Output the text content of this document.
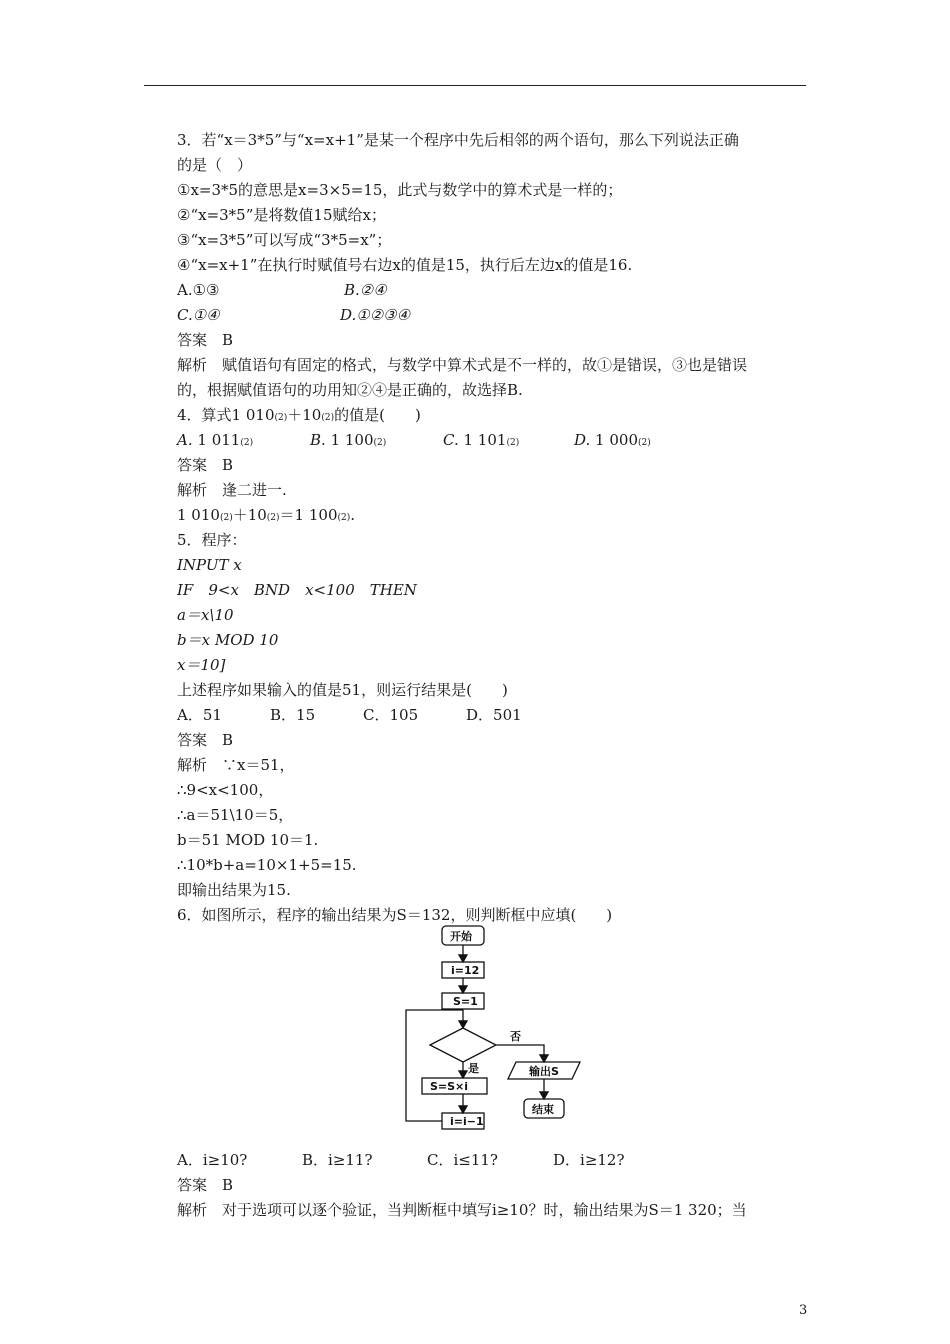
3．若“x＝3*5”与“x=x+1”是某一个程序中先后相邻的两个语句，那么下列说法正确
的是（　）
①x=3*5的意思是x=3×5=15，此式与数学中的算术式是一样的；
②“x=3*5”是将数值15赋给x；
③“x=3*5”可以写成“3*5=x”；
④“x=x+1”在执行时赋值号右边x的值是15，执行后左边x的值是16.
A.①③	B.②④
C.①④	D.①②③④
答案　B
解析　赋值语句有固定的格式，与数学中算术式是不一样的，故①是错误，③也是错误
的，根据赋值语句的功用知②④是正确的，故选择B.
4．算式1 010(2)＋10(2)的值是(　　)
A. 1 011(2)	B. 1 100(2)	C. 1 101(2)	D. 1 000(2)
答案　B
解析　逢二进一.
1 010(2)＋10(2)＝1 100(2).
5．程序：
INPUT x
IF　9<x　BND　x<100　THEN
a＝x\10
b＝x MOD 10
x＝10]
上述程序如果输入的值是51，则运行结果是(　　)
A．51	B．15	C．105	D．501
答案　B
解析　∵x＝51，
∴9<x<100，
∴a＝51\10＝5，
b＝51 MOD 10＝1.
∴10*b+a=10×1+5=15.
即输出结果为15.
6．如图所示，程序的输出结果为S＝132，则判断框中应填(　　)
开始
i=12
S=1
否
是
S=S×i
i=i−1
输出S
结束
A．i≥10?	B．i≥11?	C．i≤11?	D．i≥12?
答案　B
解析　对于选项可以逐个验证，当判断框中填写i≥10？时，输出结果为S＝1 320；当
3
